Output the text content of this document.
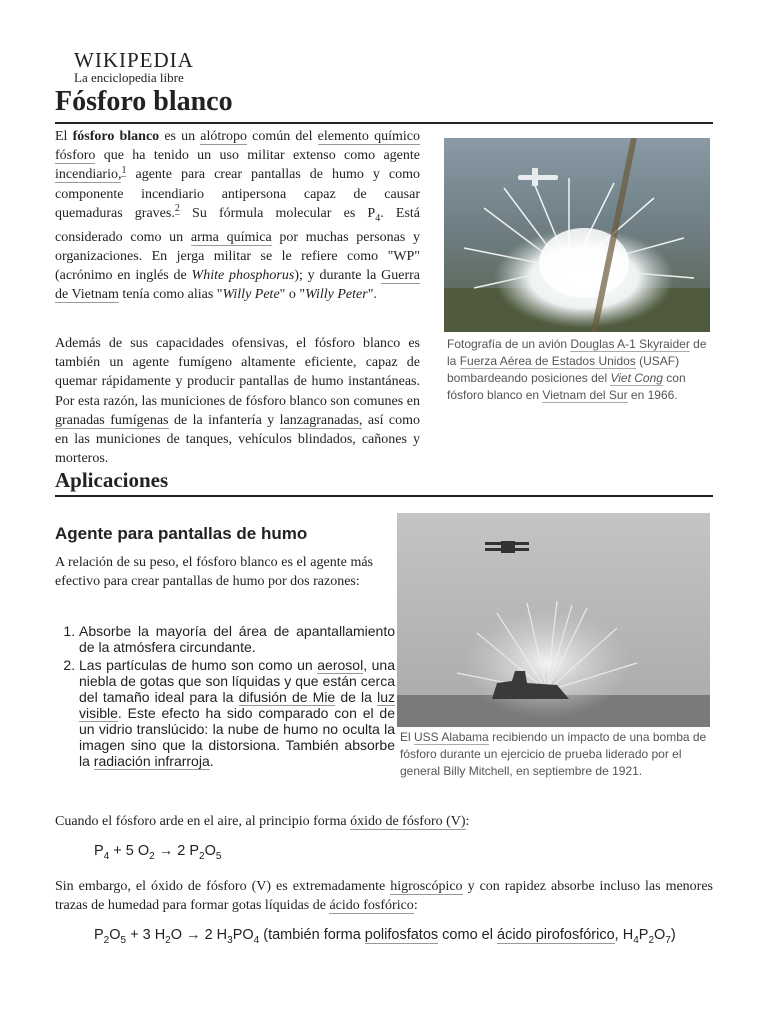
WIKIPEDIA
La enciclopedia libre
Fósforo blanco

El fósforo blanco es un alótropo común del elemento químico fósforo que ha tenido un uso militar extenso como agente incendiario,$^1$ agente para crear pantallas de humo y como componente incendiario antipersona capaz de causar quemaduras graves.$^2$ Su fórmula molecular es $P_4$. Está considerado como un arma química por muchas personas y organizaciones. En jerga militar se le refiere como "WP" (acrónimo en inglés de White phosphorus); y durante la Guerra de Vietnam tenía como alias "Willy Pete" o "Willy Peter".

Fotografía de un avión Douglas A-1 Skyraider de la Fuerza Aérea de Estados Unidos (USAF) bombardeando posiciones del Viet Cong con fósforo blanco en Vietnam del Sur en 1966.

Además de sus capacidades ofensivas, el fósforo blanco es también un agente fumígeno altamente eficiente, capaz de quemar rápidamente y producir pantallas de humo instantáneas. Por esta razón, las municiones de fósforo blanco son comunes en granadas fumígenas de la infantería y lanzagranadas, así como en las municiones de tanques, vehículos blindados, cañones y morteros.

Aplicaciones
Agente para pantallas de humo

A relación de su peso, el fósforo blanco es el agente más efectivo para crear pantallas de humo por dos razones:

1. Absorbe la mayoría del área de apantallamiento de la atmósfera circundante.
2. Las partículas de humo son como un aerosol, una niebla de gotas que son líquidas y que están cerca del tamaño ideal para la difusión de Mie de la luz visible. Este efecto ha sido comparado con el de un vidrio translúcido: la nube de humo no oculta la imagen sino que la distorsiona. También absorbe la radiación infrarroja.
El USS Alabama recibiendo un impacto de una bomba de fósforo durante un ejercicio de prueba liderado por el general Billy Mitchell, en septiembre de 1921.

Cuando el fósforo arde en el aire, al principio forma óxido de fósforo (V):

$P_4 + 5$ $O_2 \to 2$ $P_2O_5$

Sin embargo, el óxido de fósforo (V) es extremadamente higroscópico y con rapidez absorbe incluso las menores trazas de humedad para formar gotas líquidas de ácido fosfórico:

$P_2O_5 + 3$ $H_2O \to 2$ $H_3PO_4$ (también forma polifosfatos como el ácido pirofosfórico, $H_4P_2O_7$)
